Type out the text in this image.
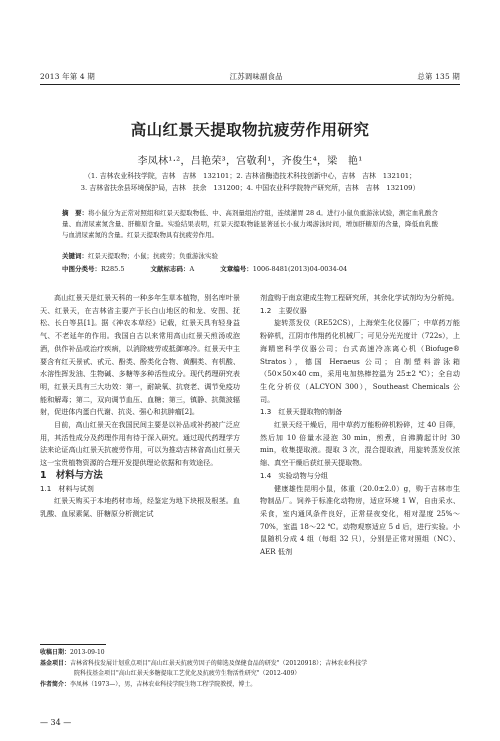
2013 年第 4 期	江苏调味副食品	总第 135 期
高山红景天提取物抗疲劳作用研究
李凤林¹·²，吕艳荣³，宫敬利¹，齐俊生⁴，梁　艳¹
（1. 吉林农业科技学院，吉林　吉林　132101；2. 吉林省酶造技术科技创新中心，吉林　吉林　132101；
3. 吉林省扶余县环境保护局，吉林　扶余　131200；4. 中国农业科学院特产研究所，吉林　吉林　132109）
摘　要：将小鼠分为正常对照组和红景天提取物低、中、高剂量组治疗组，连续灌胃 28 d。进行小鼠负重游泳试验，测定血乳酸含量、血清尿素氮含量、肝糖原含量。实验结果表明，红景天提取物能显著延长小鼠力竭游泳时间，增加肝糖原的含量，降低血乳酸与血清尿素氮的含量。红景天提取物具有抗疲劳作用。
关键词：红景天提取物；小鼠；抗疲劳；负重游泳实验
中图分类号：R285.5	文献标志码：A	文章编号：1006-8481(2013)04-0034-04

高山红景天是红景天科的一种多年生草本植物，别名库叶景天、红景天，在吉林省主要产于长白山地区的和龙、安图、抚松、长白等县[1]。据《神农本草经》记载，红景天具有轻身益气、不老延年的作用。我国自古以来常用高山红景天煎汤或泡酒，供作补品或治疗疾病，以消除疲劳或抵御寒冷。红景天中主要含有红天景甙、甙元、酚类、酚类化合物、黄酮类、有机酸、水溶性挥发油、生物碱、多糖等多种活性成分。现代药理研究表明，红景天具有三大功效：第一，耐缺氧、抗衰老、调节免疫功能和解毒；第二，双向调节血压、血糖；第三，镇静、抗微波辐射，促进体内蛋白代谢、抗炎、强心和抗肿瘤[2]。

目前，高山红景天在我国民间主要是以补品或补药被广泛应用，其活性成分及药理作用有待于深入研究。通过现代药理学方法来论证高山红景天抗疲劳作用，可以为推动吉林省高山红景天这一宝贵植物资源的合理开发提供理论依据和有效途径。

1　材料与方法

1.1　材料与试剂

红景天购买于本地药材市场，经鉴定为地下块根及根茎。血乳酸、血尿素氮、肝糖原分析测定试

剂盒购于南京建成生物工程研究所，其余化学试剂均为分析纯。

1.2　主要仪器

旋转蒸发仪（RE52CS），上海荣生化仪器厂；中草药万能粉碎机，江阴市伟翔药化机械厂；可见分光光度计（722s），上海精密科学仪器公司；台式高速冷冻离心机（Biofuge® Stratos），德国 Heraeus 公司；自制塑料游泳箱（50×50×40 cm，采用电加热棒控温为 25±2 ℃）；全自动生化分析仪（ALCYON 300），Southeast Chemicals 公司。

1.3　红景天提取物的制备

红景天经干燥后，用中草药万能粉碎机粉碎，过 40 目筛，然后加 10 倍量水浸泡 30 min，煎煮，自沸腾起计时 30 min，收集提取液。提取 3 次，混合提取液，用旋转蒸发仪浓缩、真空干燥后获红景天提取物。

1.4　实验动物与分组

健康雄性昆明小鼠，体重（20.0±2.0）g，购于吉林市生物制品厂。饲养于标准化动物房，适应环境 1 W，自由采水、采食，室内通风条件良好，正常昼夜变化，相对湿度 25%～70%，室温 18～22 ℃。动物观察适应 5 d 后，进行实验。小鼠随机分成 4 组（每组 32 只），分别是正常对照组（NC）、AER 低剂

收稿日期：2013-09-10
基金项目：吉林省科技发展计划重点项目"高山红景天抗疲劳因子的筛选及保健食品的研发"（20120918）；吉林农业科技学
院科技基金项目"高山红景天多糖提取工艺优化及抗疲劳生物活性研究"（2012-409）
作者简介：李凤林（1973—），男，吉林农业科技学院生物工程学院教授，博士。
— 34 —
